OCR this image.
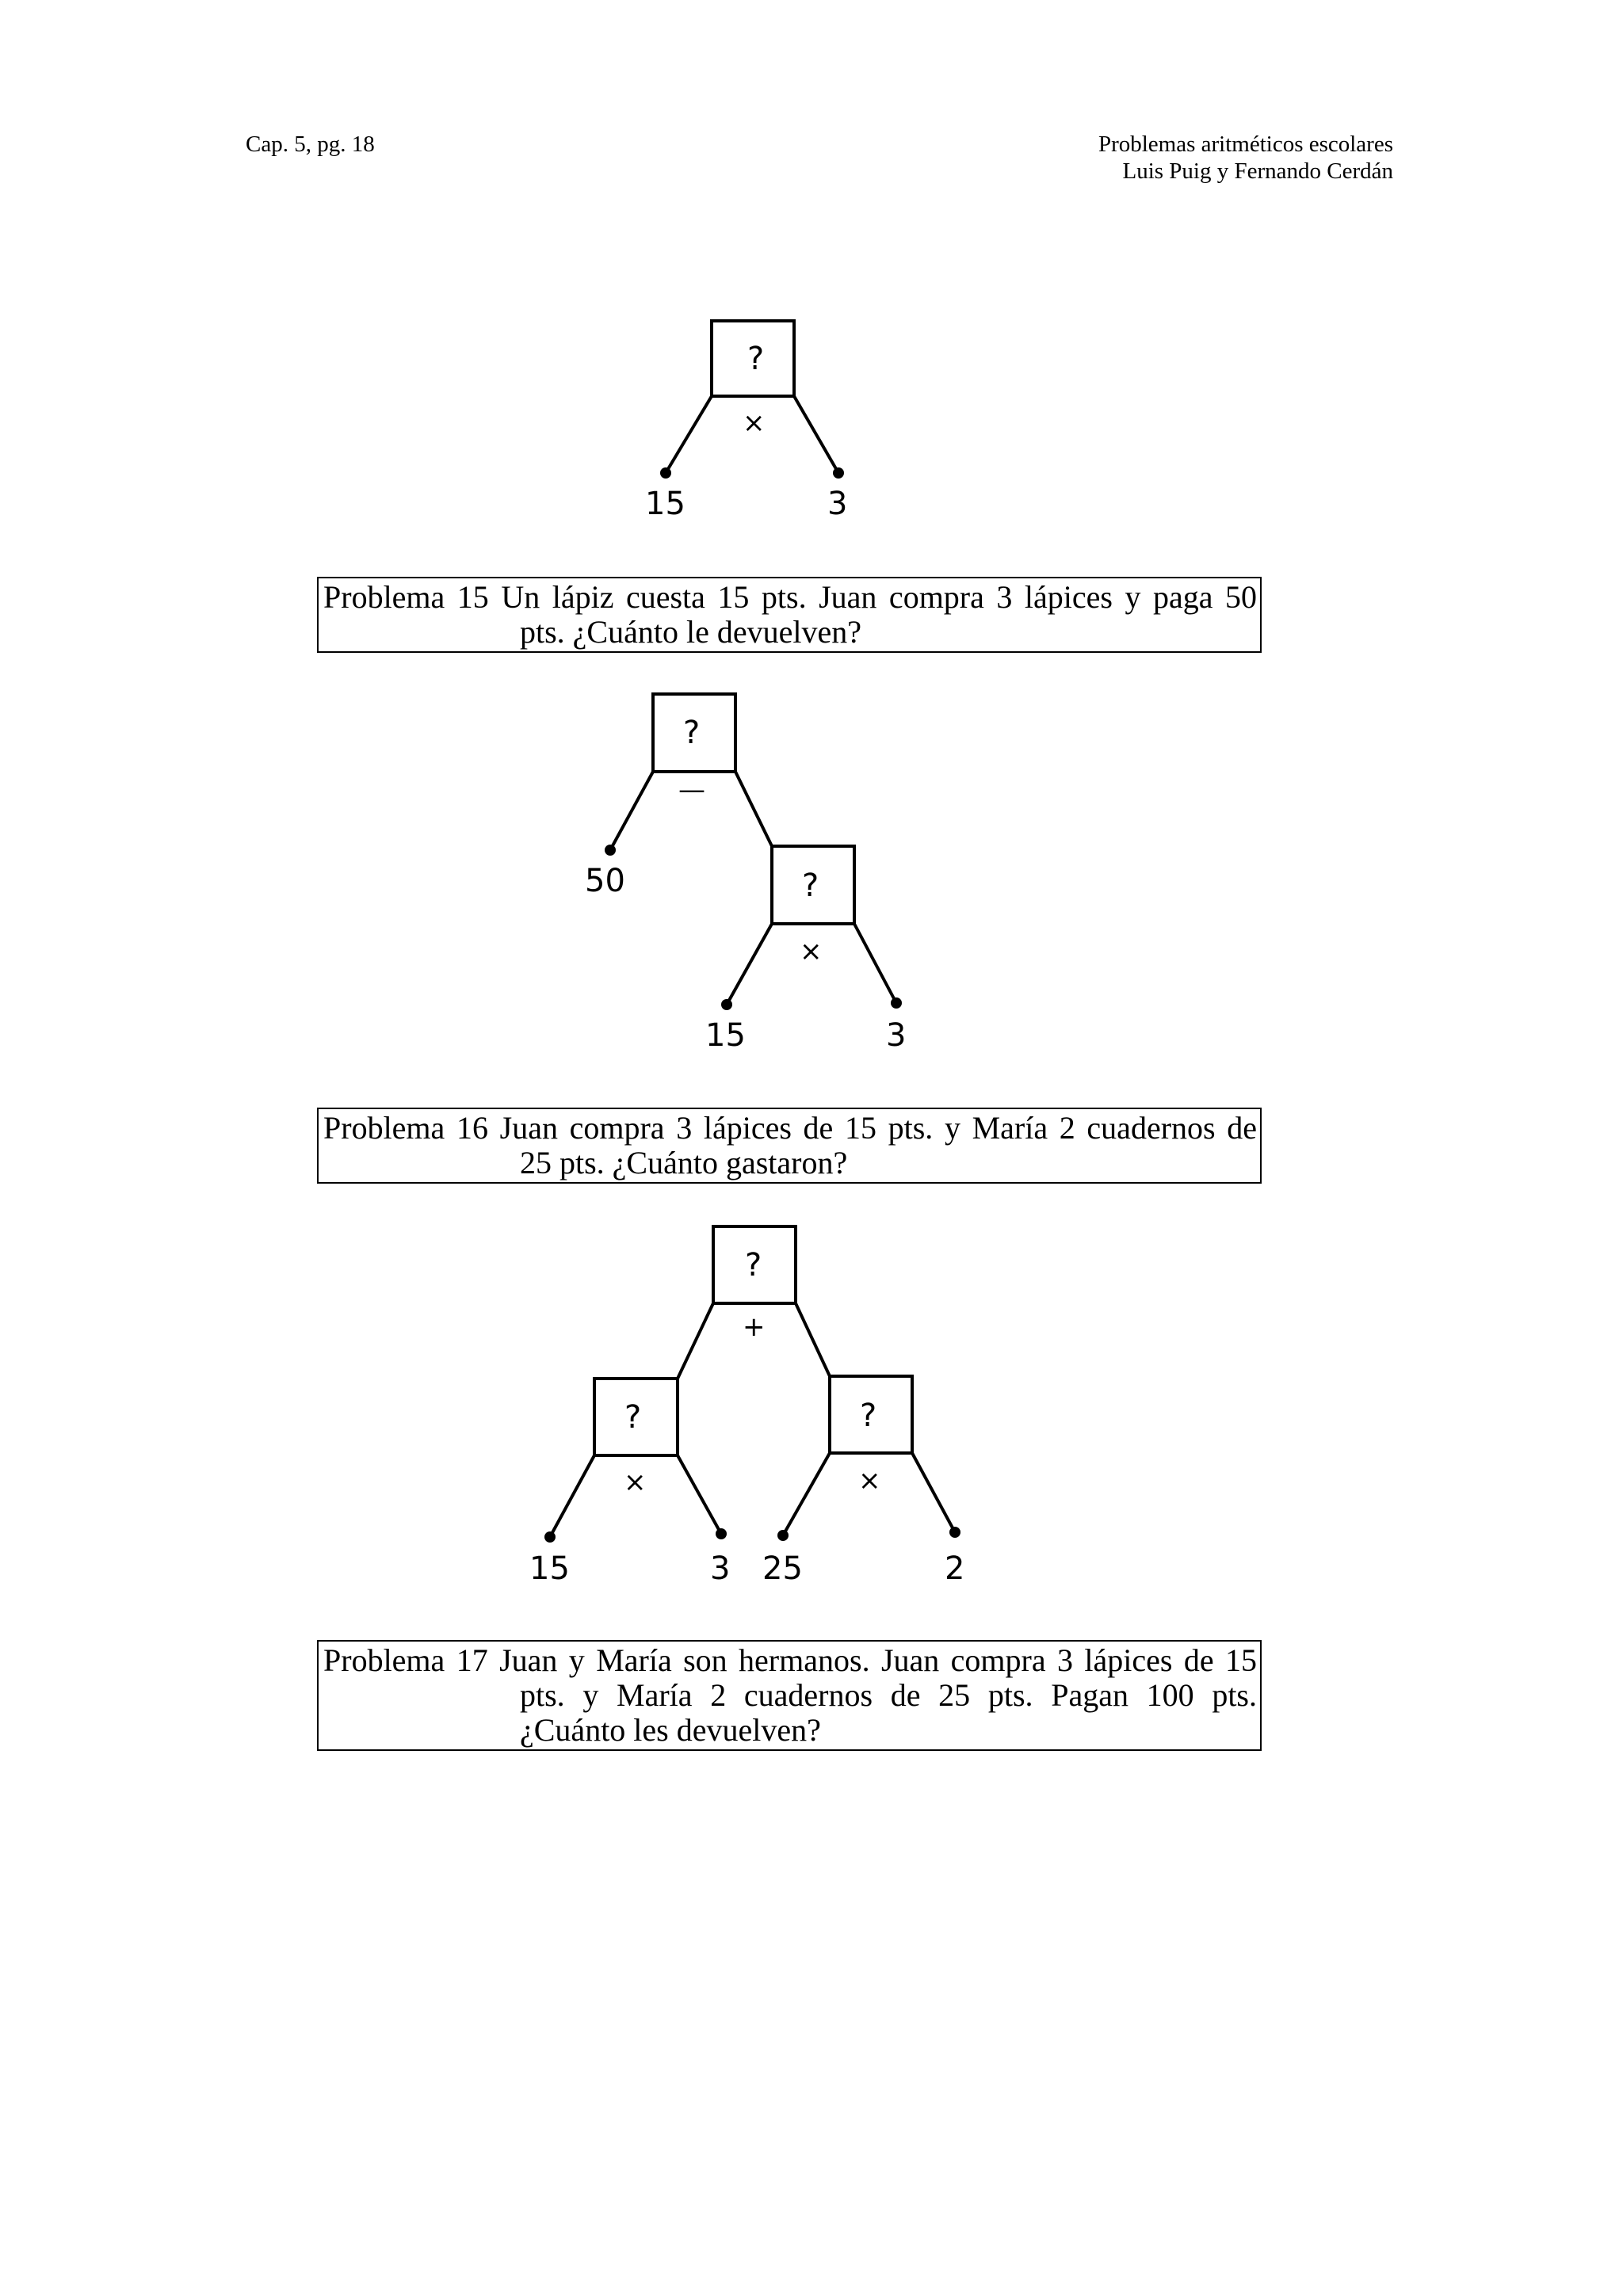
Cap. 5, pg. 18	Problemas aritméticos escolares
Luis Puig y Fernando Cerdán
?
×
15	3
?
—
50	?
×
15	3
?
+
?
×
?
×
15	3 25	2
Problema 15 Un lápiz cuesta 15 pts. Juan compra 3 lápices y paga 50
pts. ¿Cuánto le devuelven?
Problema 16 Juan compra 3 lápices de 15 pts. y María 2 cuadernos de
25 pts. ¿Cuánto gastaron?
Problema 17 Juan y María son hermanos. Juan compra 3 lápices de 15
pts. y María 2 cuadernos de 25 pts. Pagan 100 pts.
¿Cuánto les devuelven?
